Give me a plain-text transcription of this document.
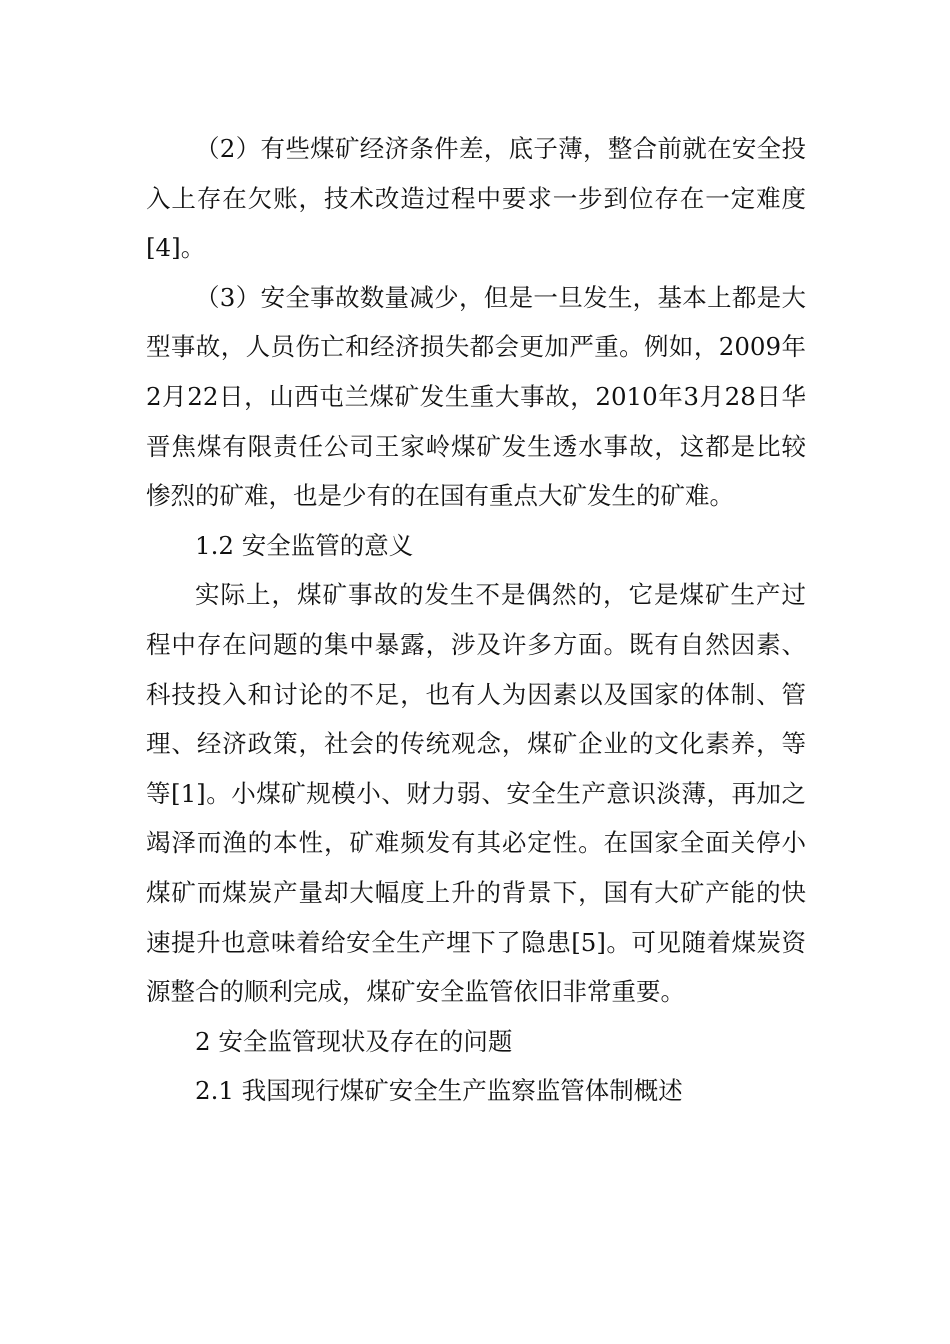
（2）有些煤矿经济条件差，底子薄，整合前就在安全投入上存在欠账，技术改造过程中要求一步到位存在一定难度[4]。

（3）安全事故数量减少，但是一旦发生，基本上都是大型事故，人员伤亡和经济损失都会更加严重。例如，2009年2月22日，山西屯兰煤矿发生重大事故，2010年3月28日华晋焦煤有限责任公司王家岭煤矿发生透水事故，这都是比较惨烈的矿难，也是少有的在国有重点大矿发生的矿难。

1.2 安全监管的意义

实际上，煤矿事故的发生不是偶然的，它是煤矿生产过程中存在问题的集中暴露，涉及许多方面。既有自然因素、科技投入和讨论的不足，也有人为因素以及国家的体制、管理、经济政策，社会的传统观念，煤矿企业的文化素养，等等[1]。小煤矿规模小、财力弱、安全生产意识淡薄，再加之竭泽而渔的本性，矿难频发有其必定性。在国家全面关停小煤矿而煤炭产量却大幅度上升的背景下，国有大矿产能的快速提升也意味着给安全生产埋下了隐患[5]。可见随着煤炭资源整合的顺利完成，煤矿安全监管依旧非常重要。

2 安全监管现状及存在的问题

2.1 我国现行煤矿安全生产监察监管体制概述
